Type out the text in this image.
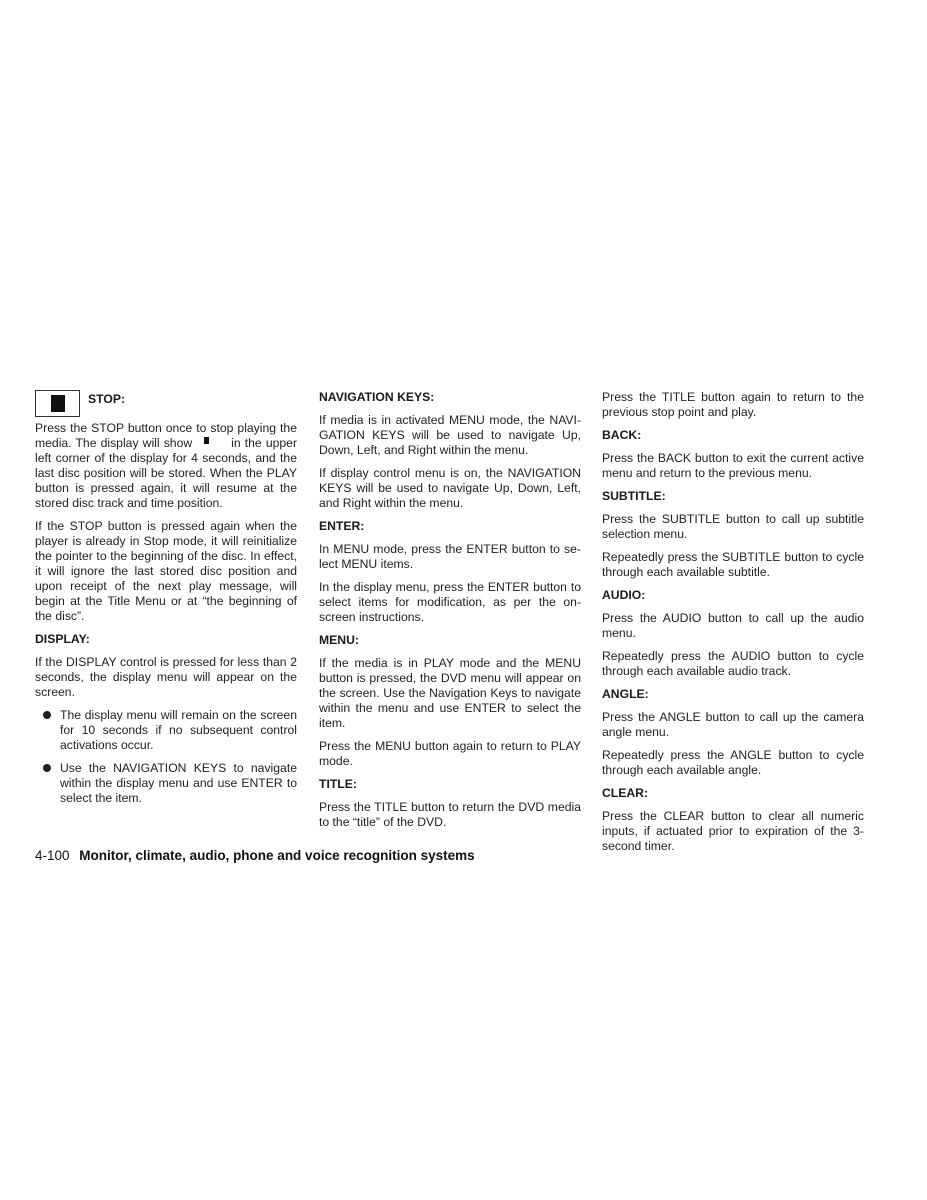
STOP:

Press the STOP button once to stop playing the media. The display will show	in the upper left corner of the display for 4 seconds, and the last disc position will be stored. When the PLAY button is pressed again, it will resume at the stored disc track and time position.

If the STOP button is pressed again when the player is already in Stop mode, it will reinitialize the pointer to the beginning of the disc. In effect, it will ignore the last stored disc position and upon receipt of the next play message, will begin at the Title Menu or at “the beginning of the disc”.

DISPLAY:

If the DISPLAY control is pressed for less than 2 seconds, the display menu will appear on the screen.

The display menu will remain on the screen for 10 seconds if no subsequent control activations occur.
Use the NAVIGATION KEYS to navigate within the display menu and use ENTER to select the item.
NAVIGATION KEYS:

If media is in activated MENU mode, the NAVI-GATION KEYS will be used to navigate Up, Down, Left, and Right within the menu.

If display control menu is on, the NAVIGATION KEYS will be used to navigate Up, Down, Left, and Right within the menu.

ENTER:

In MENU mode, press the ENTER button to se-lect MENU items.

In the display menu, press the ENTER button to select items for modification, as per the on-screen instructions.

MENU:

If the media is in PLAY mode and the MENU button is pressed, the DVD menu will appear on the screen. Use the Navigation Keys to navigate within the menu and use ENTER to select the item.

Press the MENU button again to return to PLAY mode.

TITLE:

Press the TITLE button to return the DVD media to the “title” of the DVD.

Press the TITLE button again to return to the previous stop point and play.

BACK:

Press the BACK button to exit the current active menu and return to the previous menu.

SUBTITLE:

Press the SUBTITLE button to call up subtitle selection menu.

Repeatedly press the SUBTITLE button to cycle through each available subtitle.

AUDIO:

Press the AUDIO button to call up the audio menu.

Repeatedly press the AUDIO button to cycle through each available audio track.

ANGLE:

Press the ANGLE button to call up the camera angle menu.

Repeatedly press the ANGLE button to cycle through each available angle.

CLEAR:

Press the CLEAR button to clear all numeric inputs, if actuated prior to expiration of the 3-second timer.

4-100 Monitor, climate, audio, phone and voice recognition systems
